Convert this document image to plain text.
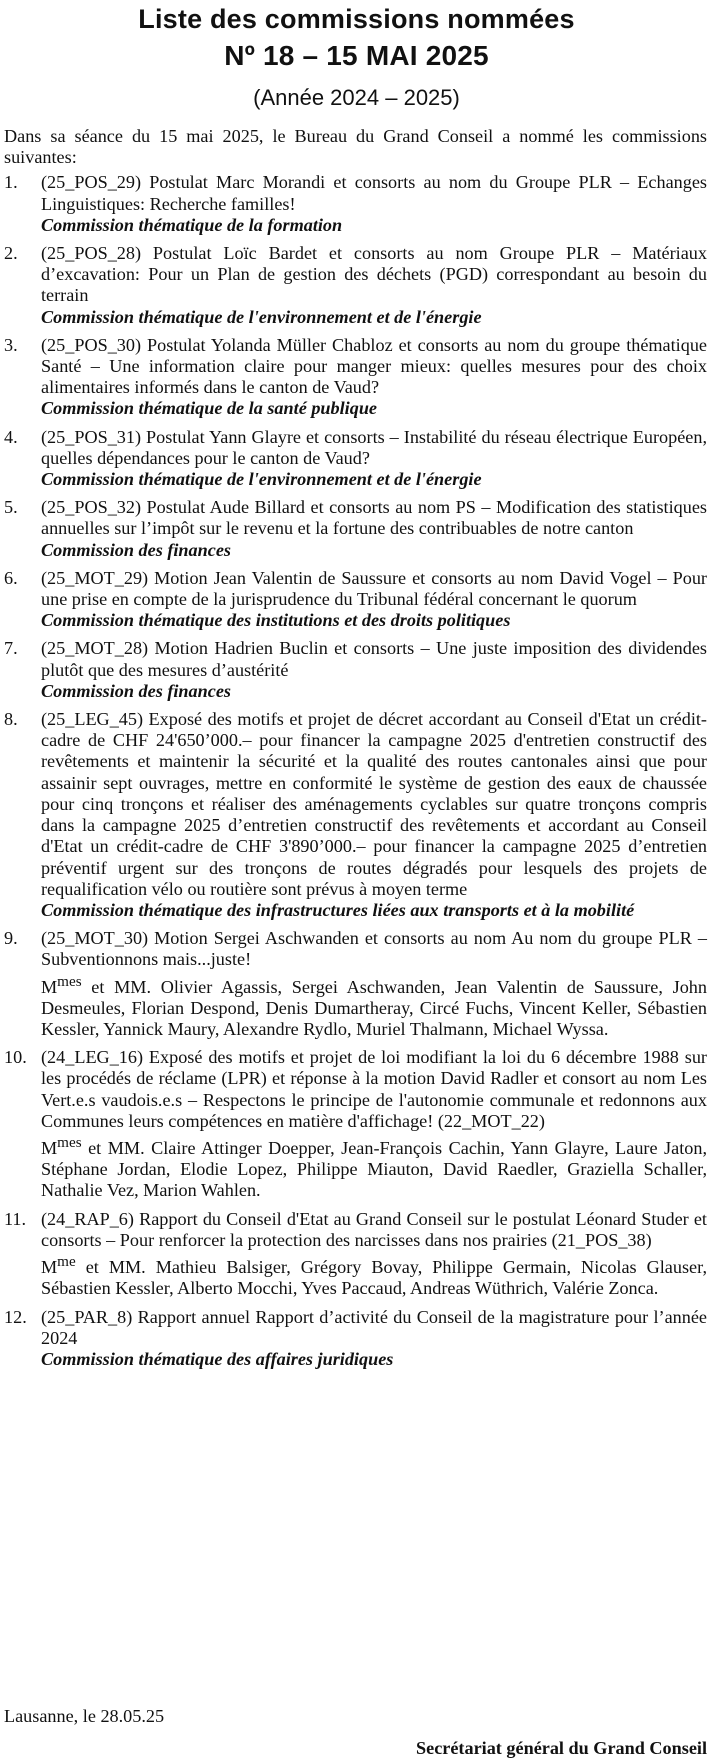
Liste des commissions nommées
Nº 18 – 15 MAI 2025
(Année 2024 – 2025)
Dans sa séance du 15 mai 2025, le Bureau du Grand Conseil a nommé les commissions suivantes:
1. (25_POS_29) Postulat Marc Morandi et consorts au nom du Groupe PLR – Echanges Linguistiques: Recherche familles!
Commission thématique de la formation
2. (25_POS_28) Postulat Loïc Bardet et consorts au nom Groupe PLR – Matériaux d’excavation: Pour un Plan de gestion des déchets (PGD) correspondant au besoin du terrain
Commission thématique de l'environnement et de l'énergie
3. (25_POS_30) Postulat Yolanda Müller Chabloz et consorts au nom du groupe thématique Santé – Une information claire pour manger mieux: quelles mesures pour des choix alimentaires informés dans le canton de Vaud?
Commission thématique de la santé publique
4. (25_POS_31) Postulat Yann Glayre et consorts – Instabilité du réseau électrique Européen, quelles dépendances pour le canton de Vaud?
Commission thématique de l'environnement et de l'énergie
5. (25_POS_32) Postulat Aude Billard et consorts au nom PS – Modification des statistiques annuelles sur l’impôt sur le revenu et la fortune des contribuables de notre canton
Commission des finances
6. (25_MOT_29) Motion Jean Valentin de Saussure et consorts au nom David Vogel – Pour une prise en compte de la jurisprudence du Tribunal fédéral concernant le quorum
Commission thématique des institutions et des droits politiques
7. (25_MOT_28) Motion Hadrien Buclin et consorts – Une juste imposition des dividendes plutôt que des mesures d’austérité
Commission des finances
8. (25_LEG_45) Exposé des motifs et projet de décret accordant au Conseil d'Etat un crédit-cadre de CHF 24'650’000.– pour financer la campagne 2025 d'entretien constructif des revêtements et maintenir la sécurité et la qualité des routes cantonales ainsi que pour assainir sept ouvrages, mettre en conformité le système de gestion des eaux de chaussée pour cinq tronçons et réaliser des aménagements cyclables sur quatre tronçons compris dans la campagne 2025 d’entretien constructif des revêtements et accordant au Conseil d'Etat un crédit-cadre de CHF 3'890’000.– pour financer la campagne 2025 d’entretien préventif urgent sur des tronçons de routes dégradés pour lesquels des projets de requalification vélo ou routière sont prévus à moyen terme
Commission thématique des infrastructures liées aux transports et à la mobilité
9. (25_MOT_30) Motion Sergei Aschwanden et consorts au nom Au nom du groupe PLR – Subventionnons mais...juste!
$M^{mes}$ et MM. Olivier Agassis, Sergei Aschwanden, Jean Valentin de Saussure, John Desmeules, Florian Despond, Denis Dumartheray, Circé Fuchs, Vincent Keller, Sébastien Kessler, Yannick Maury, Alexandre Rydlo, Muriel Thalmann, Michael Wyssa.
10. (24_LEG_16) Exposé des motifs et projet de loi modifiant la loi du 6 décembre 1988 sur les procédés de réclame (LPR) et réponse à la motion David Radler et consort au nom Les Vert.e.s vaudois.e.s – Respectons le principe de l'autonomie communale et redonnons aux Communes leurs compétences en matière d'affichage! (22_MOT_22)
$M^{mes}$ et MM. Claire Attinger Doepper, Jean-François Cachin, Yann Glayre, Laure Jaton, Stéphane Jordan, Elodie Lopez, Philippe Miauton, David Raedler, Graziella Schaller, Nathalie Vez, Marion Wahlen.
11. (24_RAP_6) Rapport du Conseil d'Etat au Grand Conseil sur le postulat Léonard Studer et consorts – Pour renforcer la protection des narcisses dans nos prairies (21_POS_38)
$M^{me}$ et MM. Mathieu Balsiger, Grégory Bovay, Philippe Germain, Nicolas Glauser, Sébastien Kessler, Alberto Mocchi, Yves Paccaud, Andreas Wüthrich, Valérie Zonca.
12. (25_PAR_8) Rapport annuel Rapport d’activité du Conseil de la magistrature pour l’année 2024
Commission thématique des affaires juridiques
Lausanne, le 28.05.25
Secrétariat général du Grand Conseil
